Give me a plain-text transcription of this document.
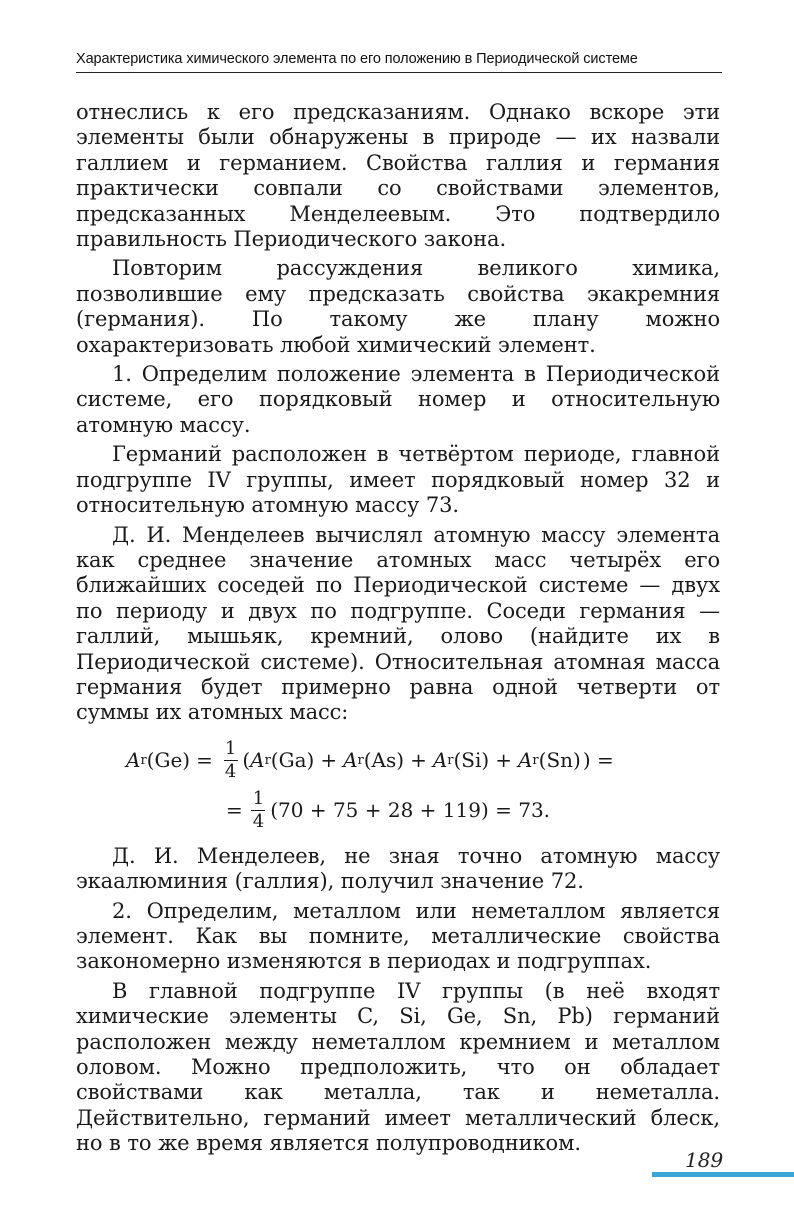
Характеристика химического элемента по его положению в Периодической системе

отнеслись к его предсказаниям. Однако вскоре эти элементы были обнаружены в природе — их назвали галлием и германием. Свойства галлия и германия практически совпали со свойствами элементов, предсказанных Менделеевым. Это подтвердило правильность Периодического закона.

Повторим рассуждения великого химика, позволившие ему предсказать свойства экакремния (германия). По такому же плану можно охарактеризовать любой химический элемент.

1. Определим положение элемента в Периодической системе, его порядковый номер и относительную атомную массу.

Германий расположен в четвёртом периоде, главной подгруппе IV группы, имеет порядковый номер 32 и относительную атомную массу 73.

Д. И. Менделеев вычислял атомную массу элемента как среднее значение атомных масс четырёх его ближайших соседей по Периодической системе — двух по периоду и двух по подгруппе. Соседи германия — галлий, мышьяк, кремний, олово (найдите их в Периодической системе). Относительная атомная масса германия будет примерно равна одной четверти от суммы их атомных масс:

A r $(Ge) = \frac{1}{4}$ ( A r (Ga) + A r (As) + A r (Si) + A r (Sn) ) =
= $\frac{1}{4} (70 + 75 + 28 + 119) = 73$.

Д. И. Менделеев, не зная точно атомную массу экаалюминия (галлия), получил значение 72.

2. Определим, металлом или неметаллом является элемент. Как вы помните, металлические свойства закономерно изменяются в периодах и подгруппах.

В главной подгруппе IV группы (в неё входят химические элементы C, Si, Ge, Sn, Pb) германий расположен между неметаллом кремнием и металлом оловом. Можно предположить, что он обладает свойствами как металла, так и неметалла. Действительно, германий имеет металлический блеск, но в то же время является полупроводником.

189
